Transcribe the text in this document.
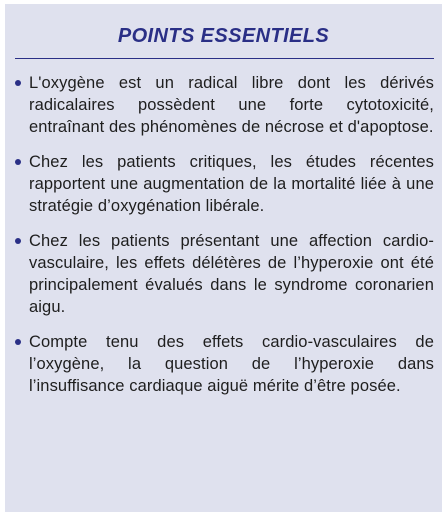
POINTS ESSENTIELS
L'oxygène est un radical libre dont les dérivés radicalaires possèdent une forte cytotoxicité, entraînant des phénomènes de nécrose et d'apoptose.
Chez les patients critiques, les études récentes rapportent une augmentation de la mortalité liée à une stratégie d’oxygénation libérale.
Chez les patients présentant une affection cardio-vasculaire, les effets délétères de l’hyperoxie ont été principalement évalués dans le syndrome coronarien aigu.
Compte tenu des effets cardio-vasculaires de l’oxygène, la question de l’hyperoxie dans l’insuffisance cardiaque aiguë mérite d’être posée.
